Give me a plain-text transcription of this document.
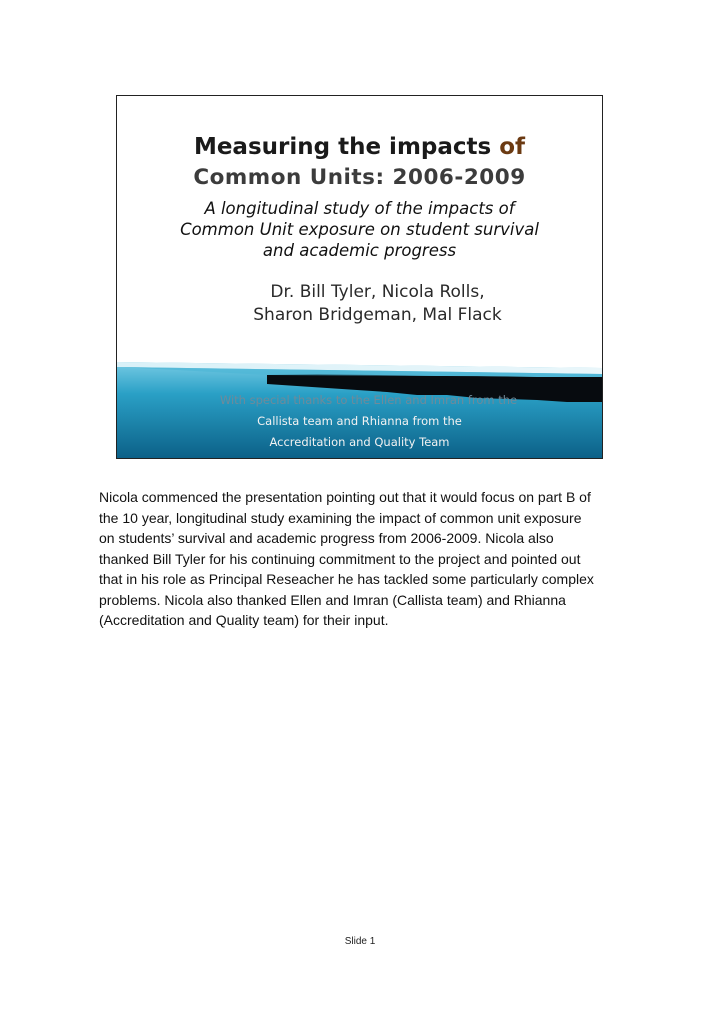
Measuring the impacts of
Common Units: 2006-2009
A longitudinal study of the impacts of
Common Unit exposure on student survival
and academic progress
Dr. Bill Tyler, Nicola Rolls,
Sharon Bridgeman, Mal Flack
With special thanks to the Ellen and Imran from the
Callista team and Rhianna from the
Accreditation and Quality Team
Nicola commenced the presentation pointing out that it would focus on part B of
the 10 year, longitudinal study examining the impact of common unit exposure
on students’ survival and academic progress from 2006-2009. Nicola also
thanked Bill Tyler for his continuing commitment to the project and pointed out
that in his role as Principal Reseacher he has tackled some particularly complex
problems. Nicola also thanked Ellen and Imran (Callista team) and Rhianna
(Accreditation and Quality team) for their input.
Slide 1
